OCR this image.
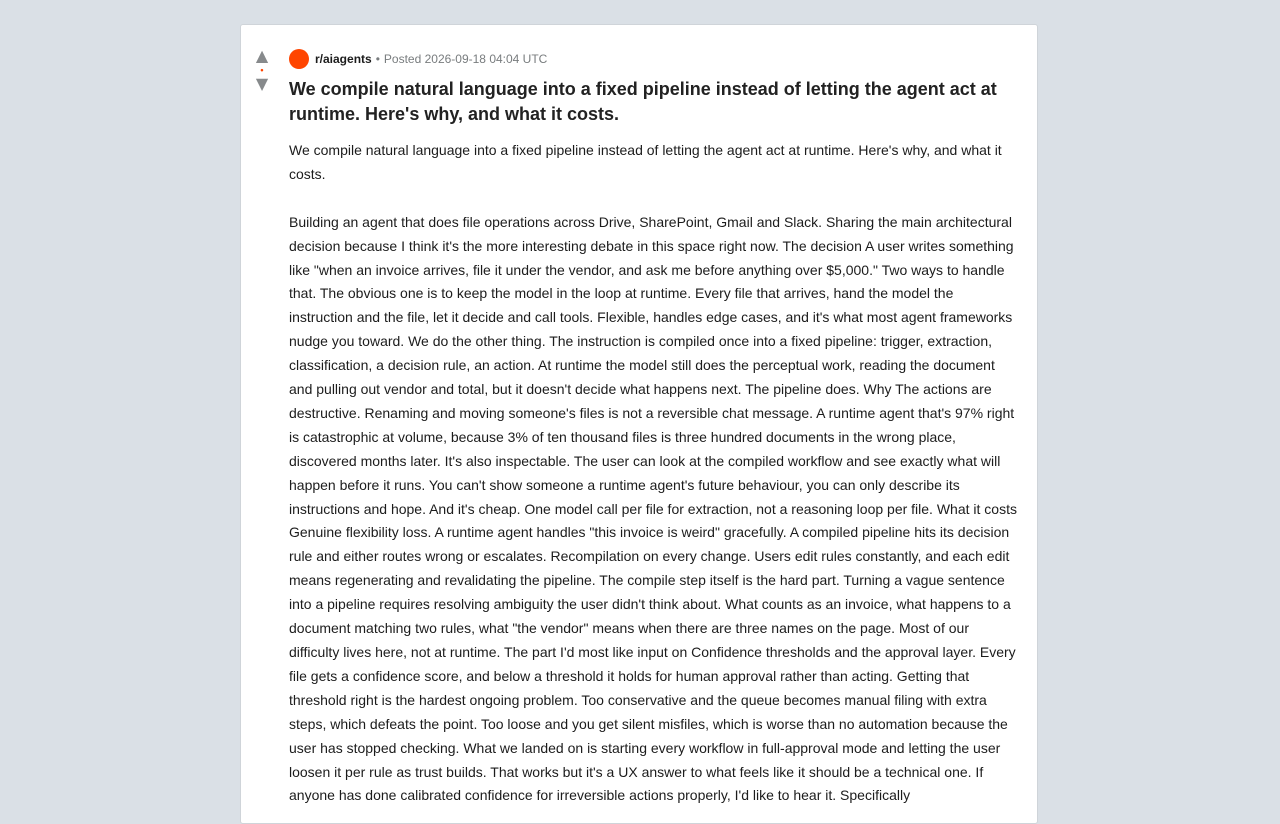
▲
•
▼
r/aiagents • Posted 2026-09-18 04:04 UTC
We compile natural language into a fixed pipeline instead of letting the agent act at runtime. Here's why, and what it costs.

We compile natural language into a fixed pipeline instead of letting the agent act at runtime. Here's why, and what it costs.

Building an agent that does file operations across Drive, SharePoint, Gmail and Slack. Sharing the main architectural decision because I think it's the more interesting debate in this space right now. The decision A user writes something like "when an invoice arrives, file it under the vendor, and ask me before anything over $5,000." Two ways to handle that. The obvious one is to keep the model in the loop at runtime. Every file that arrives, hand the model the instruction and the file, let it decide and call tools. Flexible, handles edge cases, and it's what most agent frameworks nudge you toward. We do the other thing. The instruction is compiled once into a fixed pipeline: trigger, extraction, classification, a decision rule, an action. At runtime the model still does the perceptual work, reading the document and pulling out vendor and total, but it doesn't decide what happens next. The pipeline does. Why The actions are destructive. Renaming and moving someone's files is not a reversible chat message. A runtime agent that's 97% right is catastrophic at volume, because 3% of ten thousand files is three hundred documents in the wrong place, discovered months later. It's also inspectable. The user can look at the compiled workflow and see exactly what will happen before it runs. You can't show someone a runtime agent's future behaviour, you can only describe its instructions and hope. And it's cheap. One model call per file for extraction, not a reasoning loop per file. What it costs Genuine flexibility loss. A runtime agent handles "this invoice is weird" gracefully. A compiled pipeline hits its decision rule and either routes wrong or escalates. Recompilation on every change. Users edit rules constantly, and each edit means regenerating and revalidating the pipeline. The compile step itself is the hard part. Turning a vague sentence into a pipeline requires resolving ambiguity the user didn't think about. What counts as an invoice, what happens to a document matching two rules, what "the vendor" means when there are three names on the page. Most of our difficulty lives here, not at runtime. The part I'd most like input on Confidence thresholds and the approval layer. Every file gets a confidence score, and below a threshold it holds for human approval rather than acting. Getting that threshold right is the hardest ongoing problem. Too conservative and the queue becomes manual filing with extra steps, which defeats the point. Too loose and you get silent misfiles, which is worse than no automation because the user has stopped checking. What we landed on is starting every workflow in full-approval mode and letting the user loosen it per rule as trust builds. That works but it's a UX answer to what feels like it should be a technical one. If anyone has done calibrated confidence for irreversible actions properly, I'd like to hear it. Specifically
